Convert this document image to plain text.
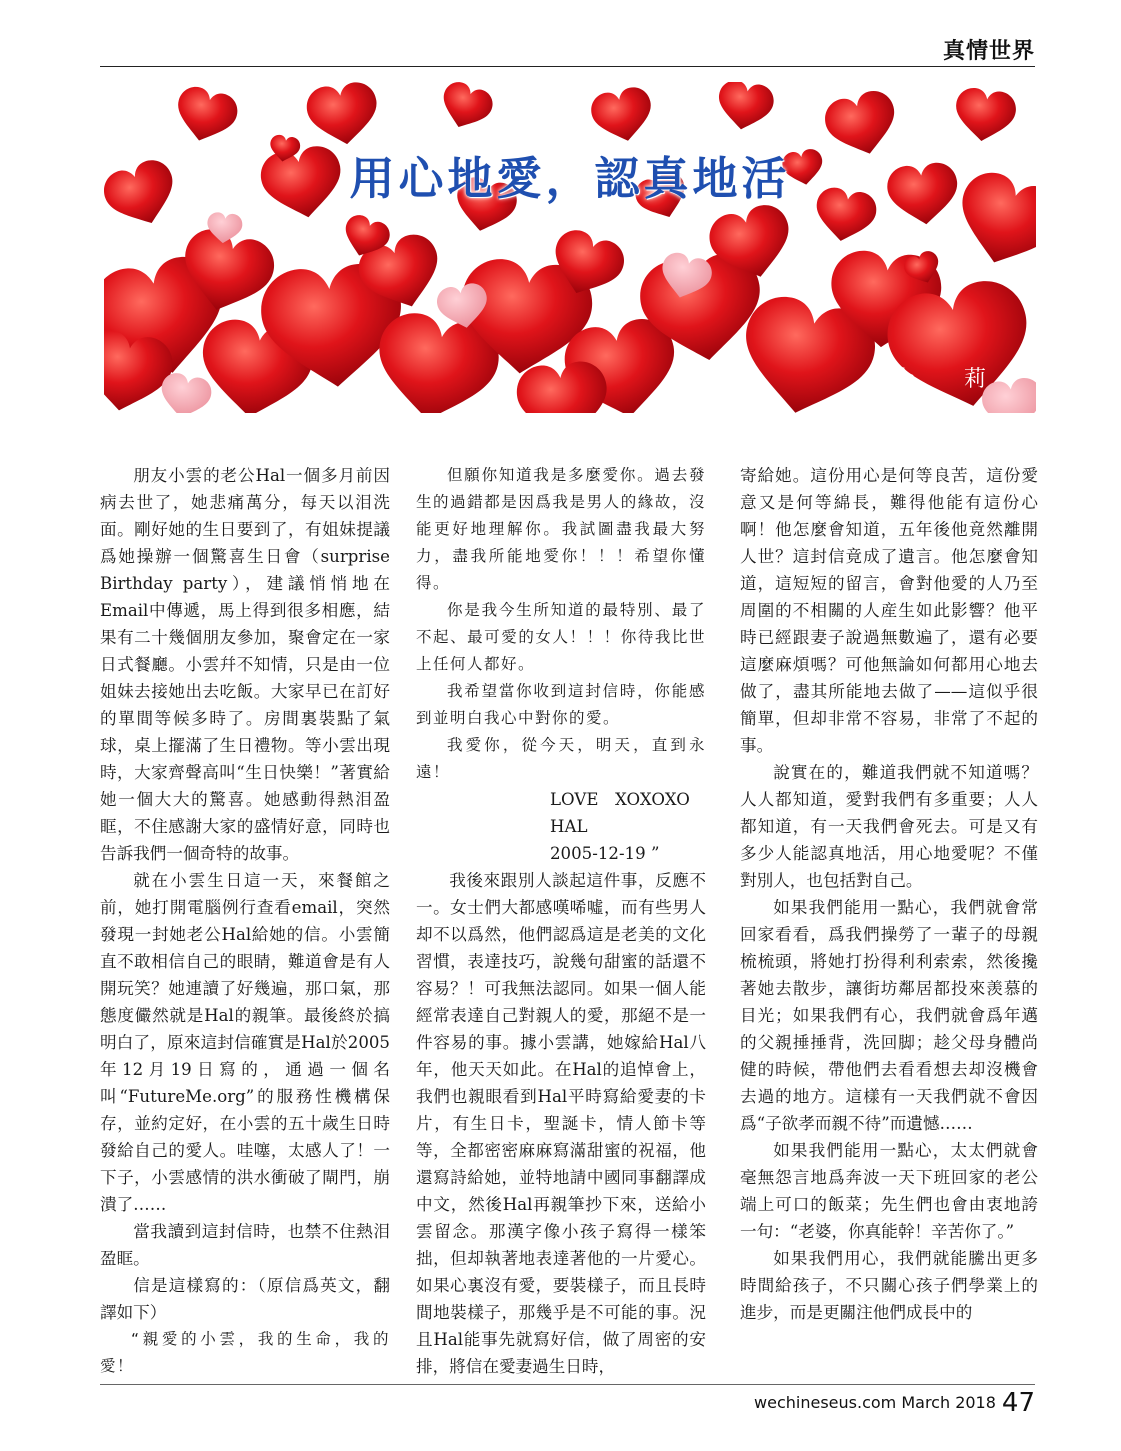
真情世界
用心地愛，認真地活
仝　莉

朋友小雲的老公Hal一個多月前因病去世了，她悲痛萬分，每天以泪洗面。剛好她的生日要到了，有姐妹提議爲她操辦一個驚喜生日會（surprise Birthday party），建議悄悄地在Email中傳遞，馬上得到很多相應，結果有二十幾個朋友參加，聚會定在一家日式餐廳。小雲幷不知情，只是由一位姐妹去接她出去吃飯。大家早已在訂好的單間等候多時了。房間裏裝點了氣球，桌上擺滿了生日禮物。等小雲出現時，大家齊聲高叫“生日快樂！”著實給她一個大大的驚喜。她感動得熱泪盈眶，不住感謝大家的盛情好意，同時也告訴我們一個奇特的故事。

就在小雲生日這一天，來餐館之前，她打開電腦例行查看email，突然發現一封她老公Hal給她的信。小雲簡直不敢相信自己的眼睛，難道會是有人開玩笑？她連讀了好幾遍，那口氣，那態度儼然就是Hal的親筆。最後終於搞明白了，原來這封信確實是Hal於2005年12月19日寫的，通過一個名叫“FutureMe.org”的服務性機構保存，並約定好，在小雲的五十歲生日時發給自己的愛人。哇噻，太感人了！一下子，小雲感情的洪水衝破了閘門，崩潰了……

當我讀到這封信時，也禁不住熱泪盈眶。

信是這樣寫的：（原信爲英文，翻譯如下）

“親愛的小雲，我的生命，我的愛！

但願你知道我是多麼愛你。過去發生的過錯都是因爲我是男人的緣故，沒能更好地理解你。我試圖盡我最大努力，盡我所能地愛你！！！希望你懂得。

你是我今生所知道的最特別、最了不起、最可愛的女人！！！你待我比世上任何人都好。

我希望當你收到這封信時，你能感到並明白我心中對你的愛。

我愛你，從今天，明天，直到永遠！

LOVE　XOXOXO

HAL

2005-12-19 ”

我後來跟別人談起這件事，反應不一。女士們大都感嘆唏噓，而有些男人却不以爲然，他們認爲這是老美的文化習慣，表達技巧，說幾句甜蜜的話還不容易？！可我無法認同。如果一個人能經常表達自己對親人的愛，那絕不是一件容易的事。據小雲講，她嫁給Hal八年，他天天如此。在Hal的追悼會上，我們也親眼看到Hal平時寫給愛妻的卡片，有生日卡，聖誕卡，情人節卡等等，全都密密麻麻寫滿甜蜜的祝福，他還寫詩給她，並特地請中國同事翻譯成中文，然後Hal再親筆抄下來，送給小雲留念。那漢字像小孩子寫得一樣笨拙，但却執著地表達著他的一片愛心。如果心裏沒有愛，要裝樣子，而且長時間地裝樣子，那幾乎是不可能的事。況且Hal能事先就寫好信，做了周密的安排，將信在愛妻過生日時，

寄給她。這份用心是何等良苦，這份愛意又是何等綿長，難得他能有這份心啊！他怎麼會知道，五年後他竟然離開人世？這封信竟成了遺言。他怎麼會知道，這短短的留言，會對他愛的人乃至周圍的不相關的人産生如此影響？他平時已經跟妻子說過無數遍了，還有必要這麼麻煩嗎？可他無論如何都用心地去做了，盡其所能地去做了——這似乎很簡單，但却非常不容易，非常了不起的事。

說實在的，難道我們就不知道嗎？人人都知道，愛對我們有多重要；人人都知道，有一天我們會死去。可是又有多少人能認真地活，用心地愛呢？不僅對別人，也包括對自己。

如果我們能用一點心，我們就會常回家看看，爲我們操勞了一輩子的母親梳梳頭，將她打扮得利利索索，然後攙著她去散步，讓街坊鄰居都投來羡慕的目光；如果我們有心，我們就會爲年邁的父親捶捶背，洗回脚；趁父母身體尚健的時候，帶他們去看看想去却沒機會去過的地方。這樣有一天我們就不會因爲“子欲孝而親不待”而遺憾……

如果我們能用一點心，太太們就會毫無怨言地爲奔波一天下班回家的老公端上可口的飯菜；先生們也會由衷地誇一句：“老婆，你真能幹！辛苦你了。”

如果我們用心，我們就能騰出更多時間給孩子，不只關心孩子們學業上的進步，而是更關注他們成長中的

wechineseus.com March 2018 47
